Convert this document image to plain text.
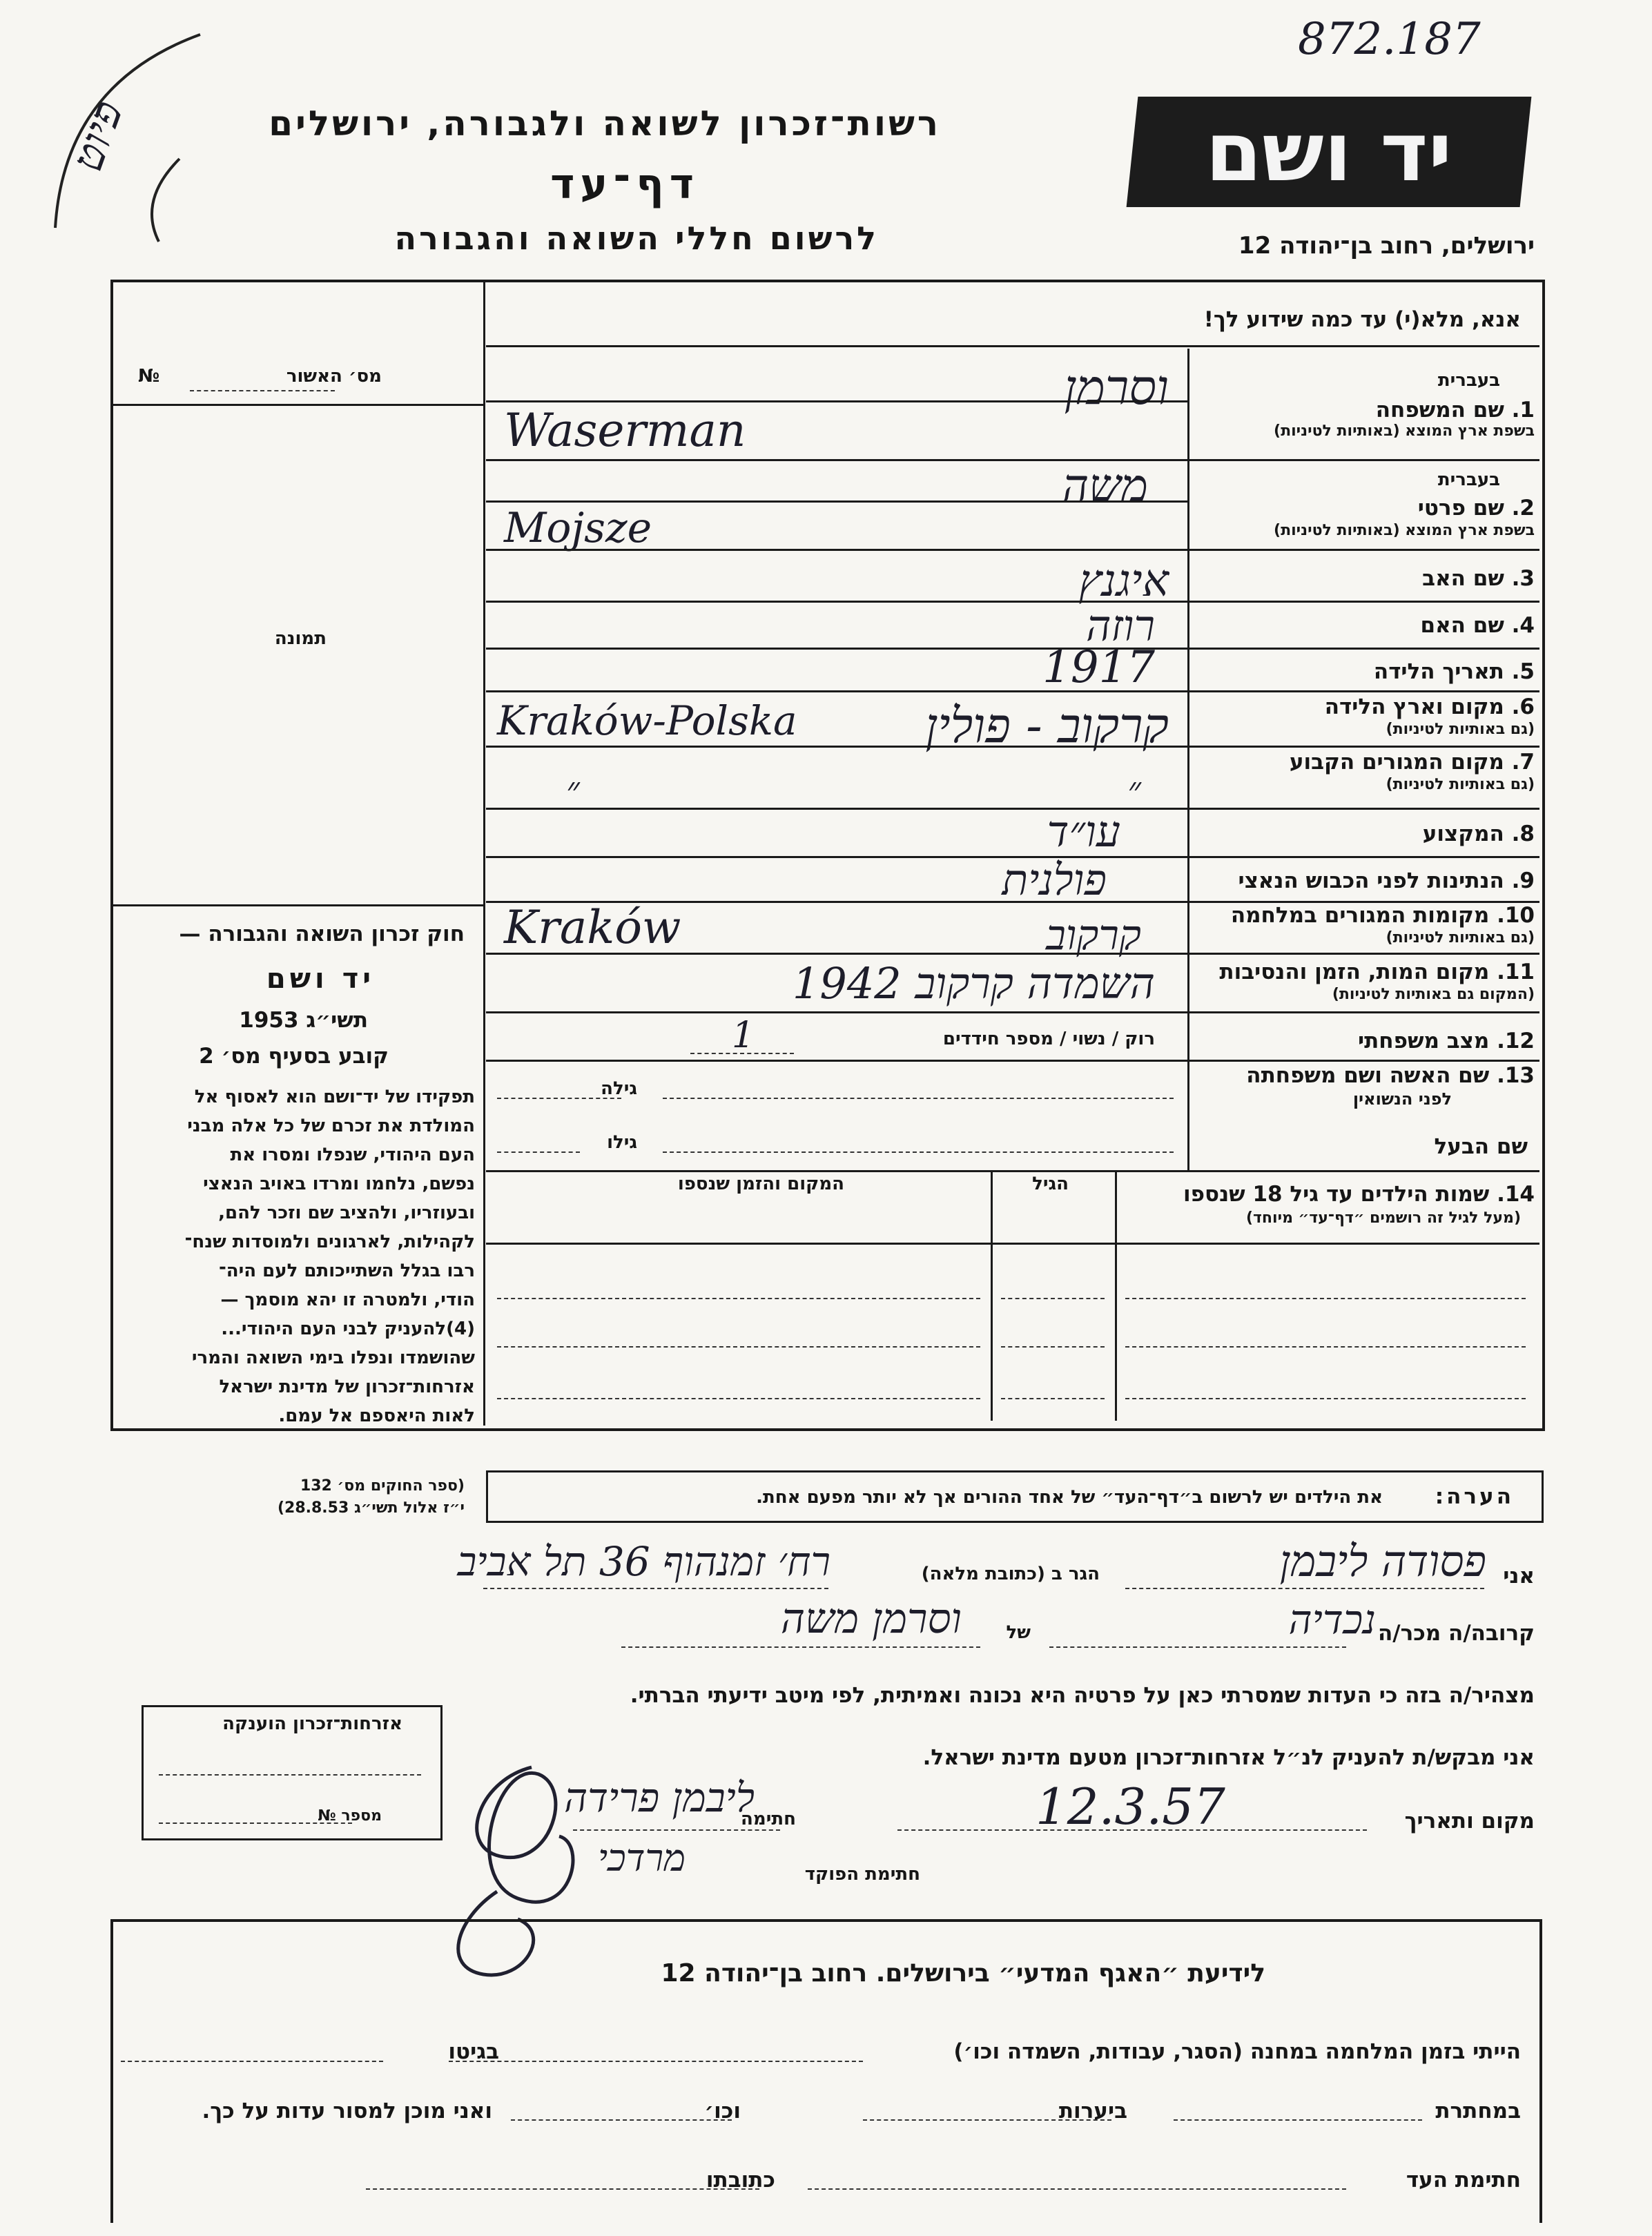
872.187
פיוט	רשות־זכרון לשואה ולגבורה, ירושלים
דף־עד
לרשום חללי השואה והגבורה
יד ושם
ירושלים, רחוב בן־יהודה 12
אנא, מלא(י) עד כמה שידוע לך!
מס׳ האשור
№
תמונה
חוק זכרון השואה והגבורה —
יד ושם
תשי״ג 1953
קובע בסעיף מס׳ 2
תפקידו של יד־ושם הוא לאסוף אל
המולדת את זכרם של כל אלה מבני
העם היהודי, שנפלו ומסרו את
נפשם, נלחמו ומרדו באויב הנאצי
ובעוזריו, ולהציב שם וזכר להם,
לקהילות, לארגונים ולמוסדות שנח־
רבו בגלל השתייכותם לעם היה־
הודי, ולמטרה זו יהא מוסמך —
(4)להעניק לבני העם היהודי...
שהושמדו ונפלו בימי השואה והמרי
אזרחות־זכרון של מדינת ישראל
לאות היאספם אל עמם.
(ספר החוקים מס׳ 132
י״ז אלול תשי״ג 28.8.53)
בעברית
בעברית
1. שם המשפחה
בשפת ארץ המוצא (באותיות לטיניות)
וסרמן
Waserman
2. שם פרטי
בשפת ארץ המוצא (באותיות לטיניות)
משה
Mojsze
3. שם האב
איגנץ
4. שם האם
רוזה
5. תאריך הלידה
1917
6. מקום וארץ הלידה
(גם באותיות לטיניות)
קרקוב - פולין
Kraków-Polska
7. מקום המגורים הקבוע
(גם באותיות לטיניות)
״
״
8. המקצוע
עו״ד
9. הנתינות לפני הכבוש הנאצי
פולנית
10. מקומות המגורים במלחמה
(גם באותיות לטיניות)
קרקוב
Kraków
11. מקום המות, הזמן והנסיבות
(המקום גם באותיות לטיניות)
השמדה קרקוב 1942
12. מצב משפחתי
רוק / נשוי / מספר חידדים
1
13. שם האשה ושם משפחתה
לפני הנשואין
גילה
שם הבעל
גילו
14. שמות הילדים עד גיל 18 שנספו
(מעל לגיל זה רושמים ״דף־עד״ מיוחד)
הגיל
המקום והזמן שנספו
הערה:
את הילדים יש לרשום ב״דף־העד״ של אחד ההורים אך לא יותר מפעם אחת.
אני
פסודה ליבמן
הגר ב (כתובת מלאה)
רח׳ זמנהוף 36 תל אביב
קרובה/ה מכר/ה
נכדיה
של
וסרמן משה
מצהיר/ה בזה כי העדות שמסרתי כאן על פרטיה היא נכונה ואמיתית, לפי מיטב ידיעתי הברתי.
אני מבקש/ת להעניק לנ״ל אזרחות־זכרון מטעם מדינת ישראל.
מקום ותאריך
12.3.57
חתימה
ליבמן פרידה
חתימת הפוקד
מרדכי
אזרחות־זכרון הוענקה
מספר №
לידיעת ״האגף המדעי״ בירושלים. רחוב בן־יהודה 12
הייתי בזמן המלחמה במחנה (הסגר, עבודות, השמדה וכו׳)
בגיטו
במחתרת
ביערות
וכו׳
ואני מוכן למסור עדות על כך.
חתימת העד
כתובתו
